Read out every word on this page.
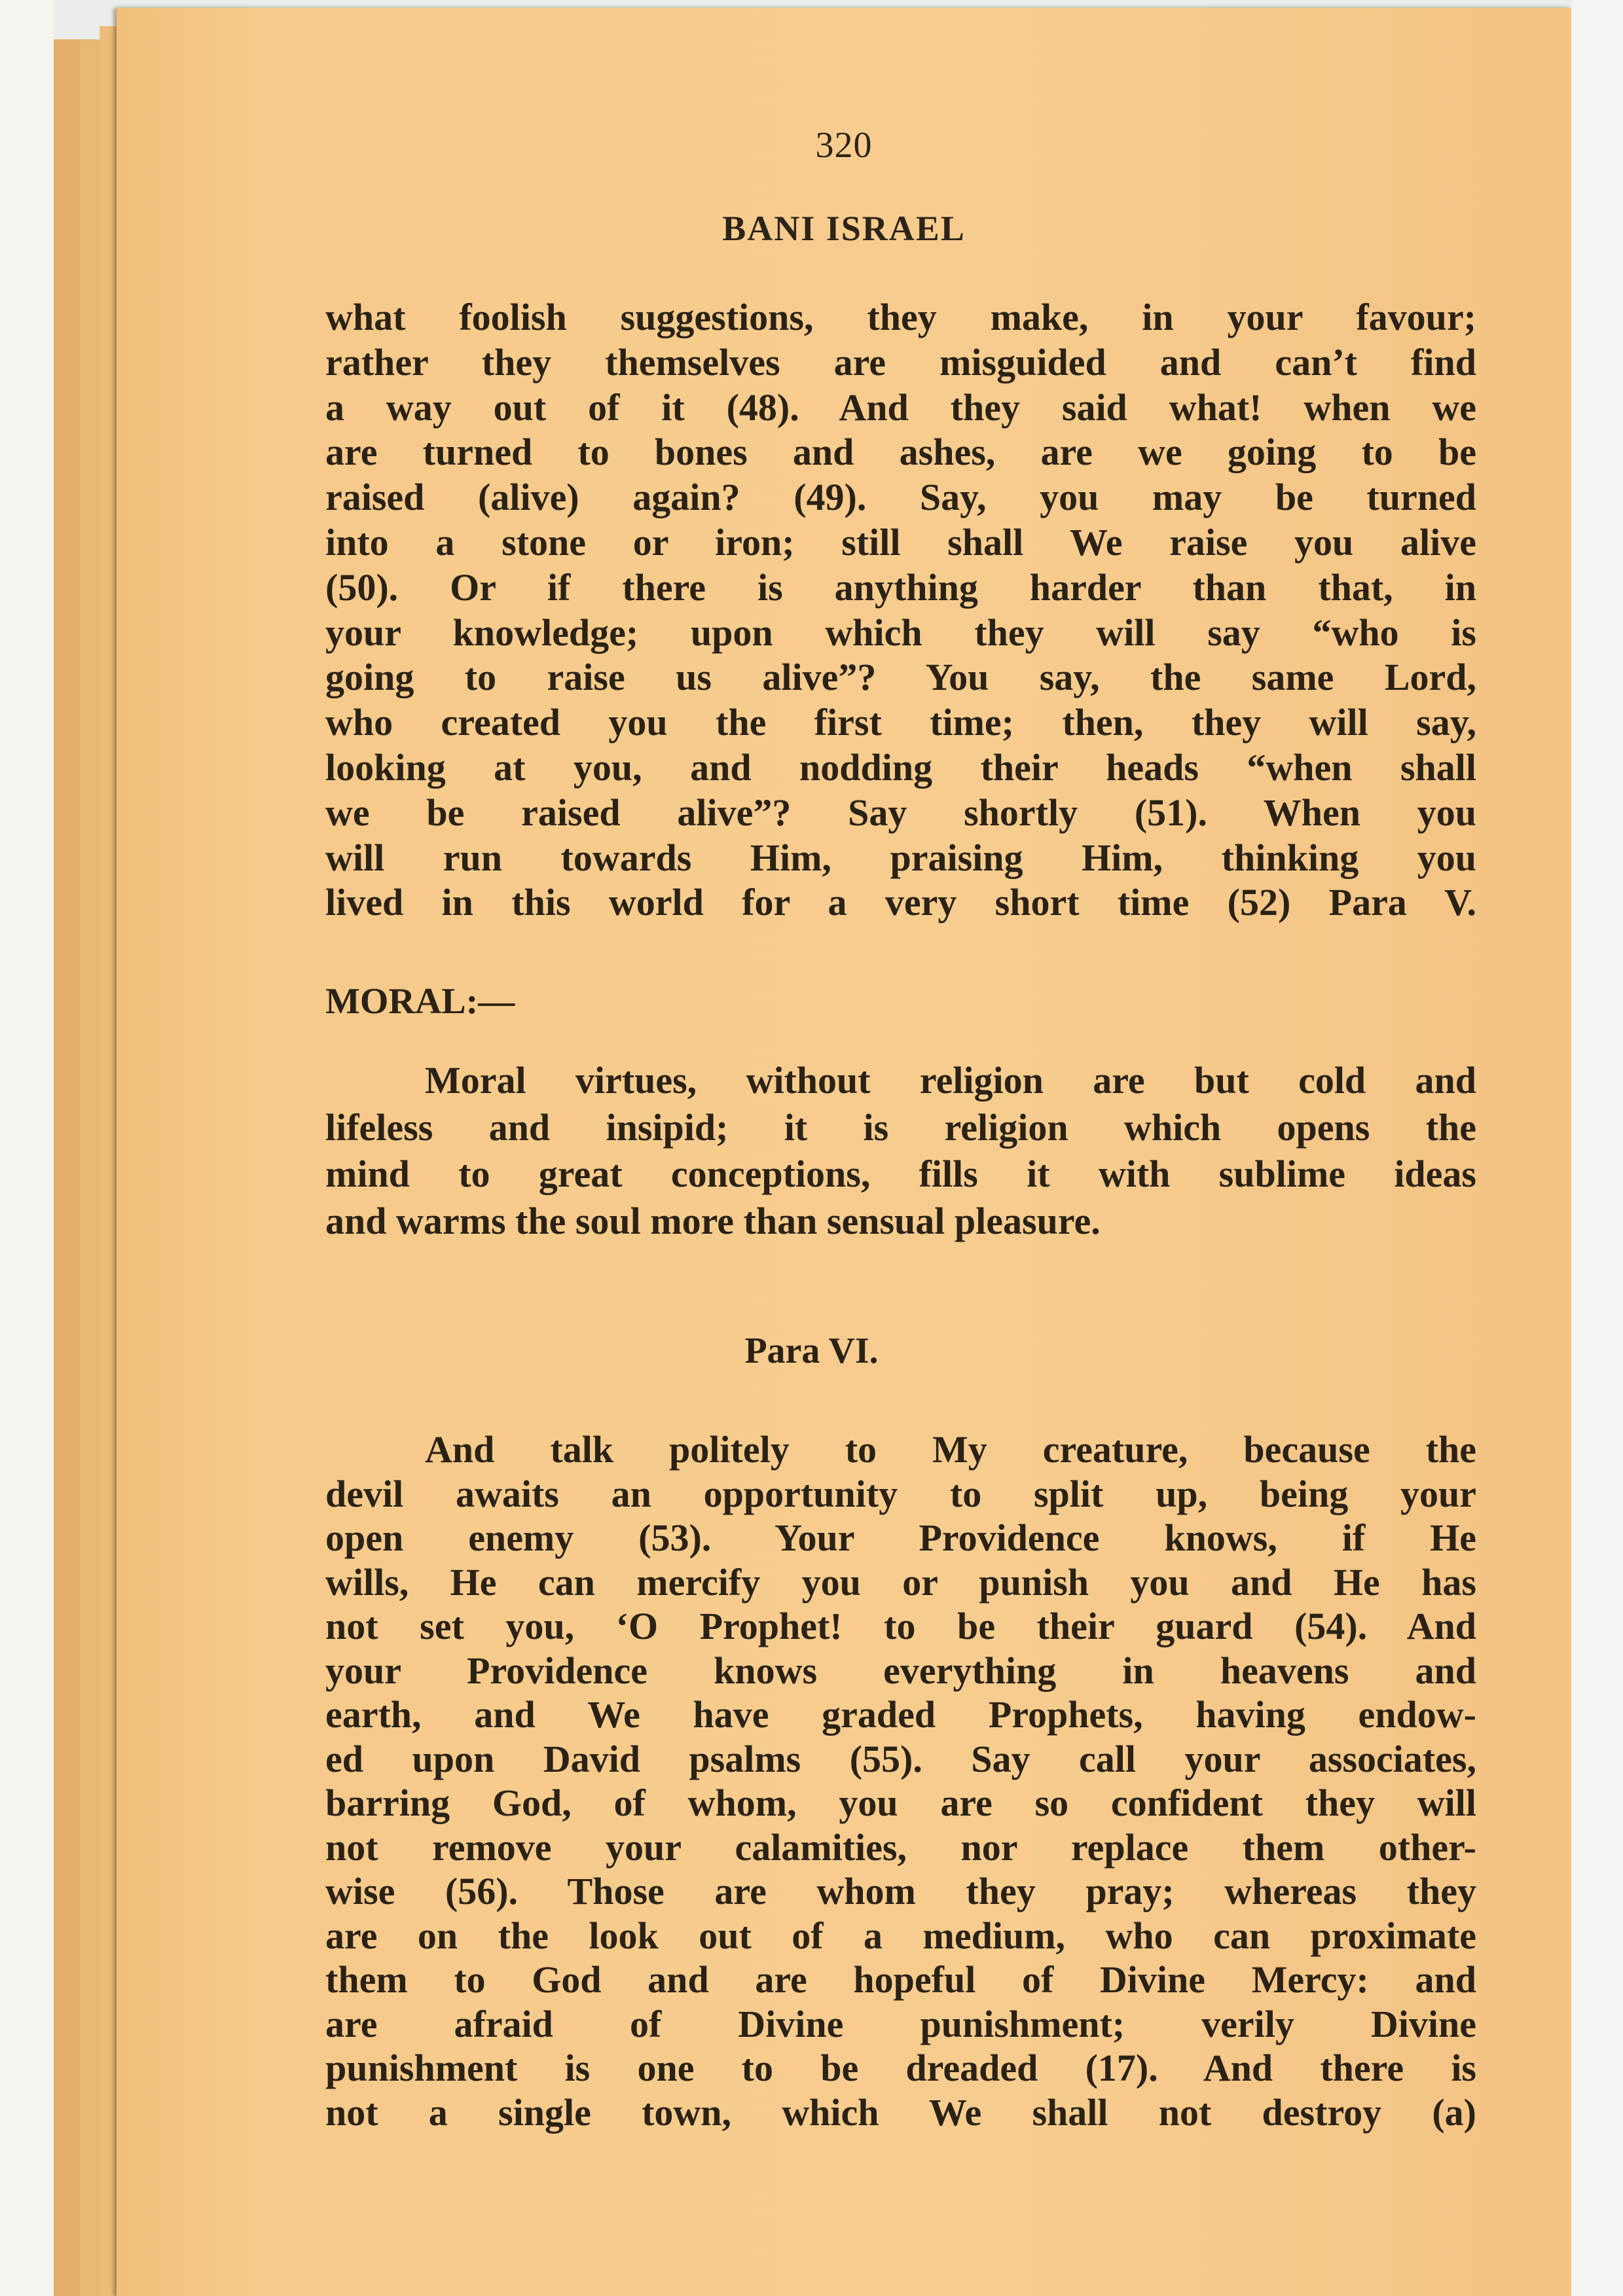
320
BANI ISRAEL
what foolish suggestions, they make, in your favour;
rather they themselves are misguided and can’t find
a way out of it (48). And they said what! when we
are turned to bones and ashes, are we going to be
raised (alive) again? (49). Say, you may be turned
into a stone or iron; still shall We raise you alive
(50). Or if there is anything harder than that, in
your knowledge; upon which they will say “who is
going to raise us alive”? You say, the same Lord,
who created you the first time; then, they will say,
looking at you, and nodding their heads “when shall
we be raised alive”? Say shortly (51). When you
will run towards Him, praising Him, thinking you
lived in this world for a very short time (52) Para V.
MORAL:—
Moral virtues, without religion are but cold and
lifeless and insipid; it is religion which opens the
mind to great conceptions, fills it with sublime ideas
and warms the soul more than sensual pleasure.
Para VI.
And talk politely to My creature, because the
devil awaits an opportunity to split up, being your
open enemy (53). Your Providence knows, if He
wills, He can mercify you or punish you and He has
not set you, ‘O Prophet! to be their guard (54). And
your Providence knows everything in heavens and
earth, and We have graded Prophets, having endow-
ed upon David psalms (55). Say call your associates,
barring God, of whom, you are so confident they will
not remove your calamities, nor replace them other-
wise (56). Those are whom they pray; whereas they
are on the look out of a medium, who can proximate
them to God and are hopeful of Divine Mercy: and
are afraid of Divine punishment; verily Divine
punishment is one to be dreaded (17). And there is
not a single town, which We shall not destroy (a)
